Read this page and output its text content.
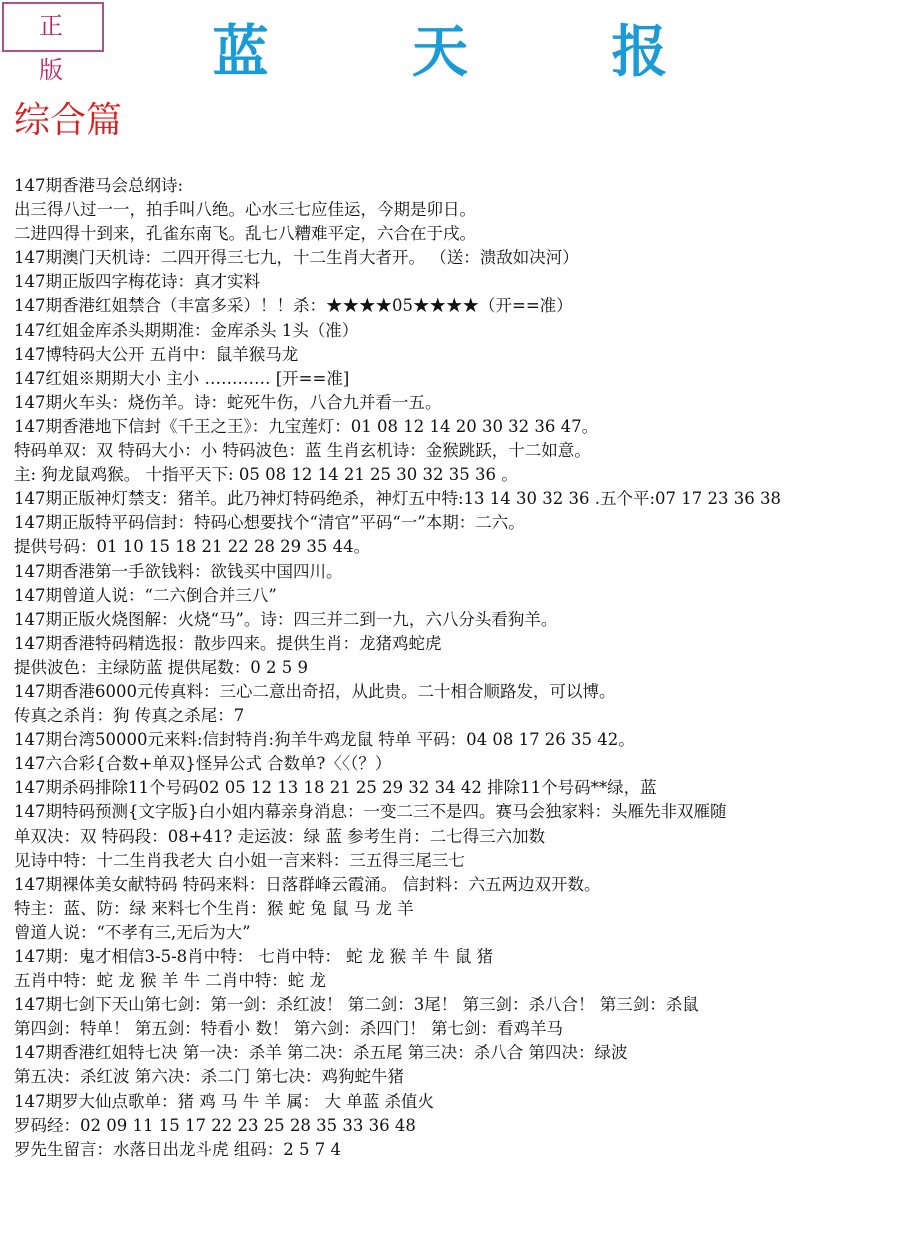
正 版	蓝 天 报
综合篇
147期香港马会总纲诗:
出三得八过一一，拍手叫八绝。心水三七应佳运，今期是卯日。
二进四得十到来，孔雀东南飞。乱七八糟难平定，六合在于戌。
147期澳门天机诗：二四开得三七九，十二生肖大者开。 （送：溃敌如决河）
147期正版四字梅花诗：真才实料
147期香港红姐禁合（丰富多采）！！杀：★★★★05★★★★（开==准）
147红姐金库杀头期期准：金库杀头 1头（准）
147博特码大公开 五肖中：鼠羊猴马龙
147红姐※期期大小 主小 ………… [开==准]
147期火车头：烧伤羊。诗：蛇死牛伤，八合九并看一五。
147期香港地下信封《千王之王》：九宝莲灯：01 08 12 14 20 30 32 36 47。
特码单双：双 特码大小：小 特码波色：蓝 生肖玄机诗：金猴跳跃，十二如意。
主: 狗龙鼠鸡猴。 十指平天下: 05 08 12 14 21 25 30 32 35 36 。
147期正版神灯禁支：猪羊。此乃神灯特码绝杀，神灯五中特:13 14 30 32 36 .五个平:07 17 23 36 38
147期正版特平码信封：特码心想要找个“清官”平码“一”本期：二六。
提供号码：01 10 15 18 21 22 28 29 35 44。
147期香港第一手欲钱料：欲钱买中国四川。
147期曾道人说：“二六倒合并三八”
147期正版火烧图解：火烧“马”。诗：四三并二到一九，六八分头看狗羊。
147期香港特码精选报：散步四来。提供生肖：龙猪鸡蛇虎
提供波色：主绿防蓝 提供尾数：0 2 5 9
147期香港6000元传真料：三心二意出奇招，从此贵。二十相合顺路发，可以博。
传真之杀肖：狗 传真之杀尾：7
147期台湾50000元来料:信封特肖:狗羊牛鸡龙鼠 特单 平码：04 08 17 26 35 42。
147六合彩{合数+单双}怪异公式 合数单?〈〈（？）
147期杀码排除11个号码02 05 12 13 18 21 25 29 32 34 42 排除11个号码**绿，蓝
147期特码预测{文字版}白小姐内幕亲身消息：一变二三不是四。赛马会独家料：头雁先非双雁随
单双决：双 特码段：08+41? 走运波：绿 蓝 参考生肖：二七得三六加数
见诗中特：十二生肖我老大 白小姐一言来料：三五得三尾三七
147期裸体美女献特码 特码来料：日落群峰云霞涌。 信封料：六五两边双开数。
特主：蓝、防：绿 来料七个生肖：猴 蛇 兔 鼠 马 龙 羊
曾道人说：“不孝有三,无后为大”
147期：鬼才相信3-5-8肖中特： 七肖中特： 蛇 龙 猴 羊 牛 鼠 猪
五肖中特：蛇 龙 猴 羊 牛 二肖中特：蛇 龙
147期七剑下天山第七剑：第一剑：杀红波！ 第二剑：3尾！ 第三剑：杀八合！ 第三剑：杀鼠
第四剑：特单！ 第五剑：特看小 数！ 第六剑：杀四门！ 第七剑：看鸡羊马
147期香港红姐特七决 第一决：杀羊 第二决：杀五尾 第三决：杀八合 第四决：绿波
第五决：杀红波 第六决：杀二门 第七决：鸡狗蛇牛猪
147期罗大仙点歌单：猪 鸡 马 牛 羊 属： 大 单蓝 杀值火
罗码经：02 09 11 15 17 22 23 25 28 35 33 36 48
罗先生留言：水落日出龙斗虎 组码：2 5 7 4
